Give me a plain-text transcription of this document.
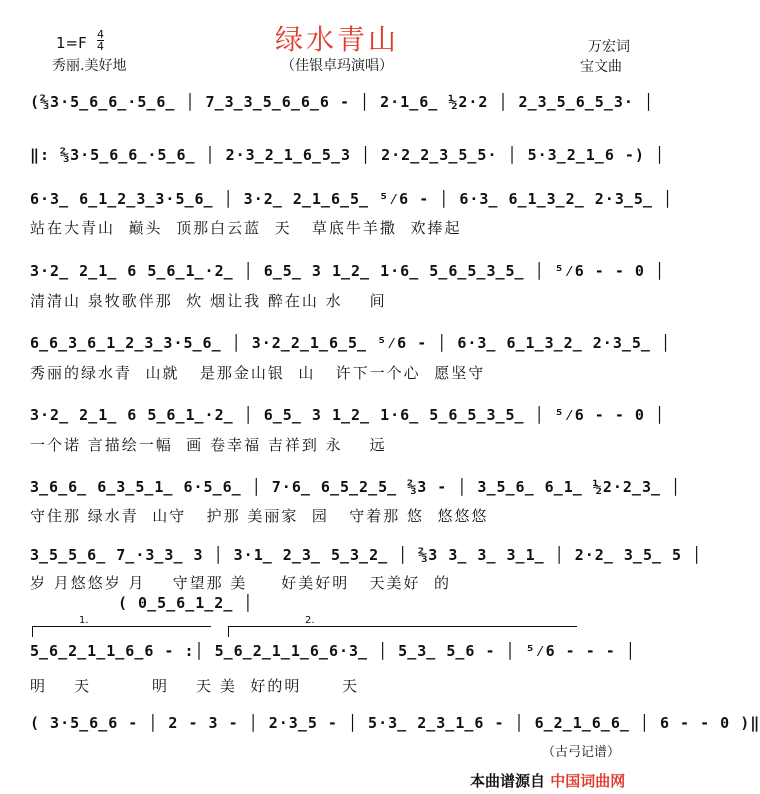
1=F 4
4	绿水青山
（佳银卓玛演唱）
秀丽.美好地
万宏词
宝文曲
(⅔3·5̲6̲6̲·5̲6̲ │ 7̲3̲3̲5̲6̲6̲6 - │ 2·1̲6̲ ½2·2 │ 2̲3̲5̲6̲5̲3· │
‖: ⅔3·5̲6̲6̲·5̲6̲ │ 2·3̲2̲1̲6̲5̲3 │ 2·2̲2̲3̲5̲5· │ 5·3̲2̲1̲6 -) │
6·3̲ 6̲1̲2̲3̲3·5̲6̲ │ 3·2̲ 2̲1̲6̲5̲ ⁵⁄6 - │ 6·3̲ 6̲1̲3̲2̲ 2·3̲5̲ │
站在大青山  巅头  顶那白云蓝  天   草底牛羊撒  欢捧起
3·2̲ 2̲1̲ 6 5̲6̲1̲·2̲ │ 6̲5̲ 3 1̲2̲ 1·6̲ 5̲6̲5̲3̲5̲ │ ⁵⁄6 - - 0 │
清清山 泉牧歌伴那  炊 烟让我 醉在山 水    间
6̲6̲3̲6̲1̲2̲3̲3·5̲6̲ │ 3·2̲2̲1̲6̲5̲ ⁵⁄6 - │ 6·3̲ 6̲1̲3̲2̲ 2·3̲5̲ │
秀丽的绿水青  山就   是那金山银  山   许下一个心  愿坚守
3·2̲ 2̲1̲ 6 5̲6̲1̲·2̲ │ 6̲5̲ 3 1̲2̲ 1·6̲ 5̲6̲5̲3̲5̲ │ ⁵⁄6 - - 0 │
一个诺 言描绘一幅  画 卷幸福 吉祥到 永    远
3̲6̲6̲ 6̲3̲5̲1̲ 6·5̲6̲ │ 7·6̲ 6̲5̲2̲5̲ ⅔3 - │ 3̲5̲6̲ 6̲1̲ ½2·2̲3̲ │
守住那 绿水青  山守   护那 美丽家  园   守着那 悠  悠悠悠
3̲5̲5̲6̲ 7̲·3̲3̲ 3 │ 3·1̲ 2̲3̲ 5̲3̲2̲ │ ⅔3 3̲ 3̲ 3̲1̲ │ 2·2̲ 3̲5̲ 5 │
岁 月悠悠岁 月    守望那 美     好美好明   天美好  的
( 0̲5̲6̲1̲2̲ │
1.	2.
5̲6̲2̲1̲1̲6̲6 - :│ 5̲6̲2̲1̲1̲6̲6·3̲ │ 5̲3̲ 5̲6 - │ ⁵⁄6 - - - │
明    天         明    天 美  好的明      天
( 3·5̲6̲6 - │ 2 - 3 - │ 2·3̲5 - │ 5·3̲ 2̲3̲1̲6 - │ 6̲2̲1̲6̲6̲ │ 6 - - 0 )‖
（古弓记谱）
本曲谱源自 中国词曲网
